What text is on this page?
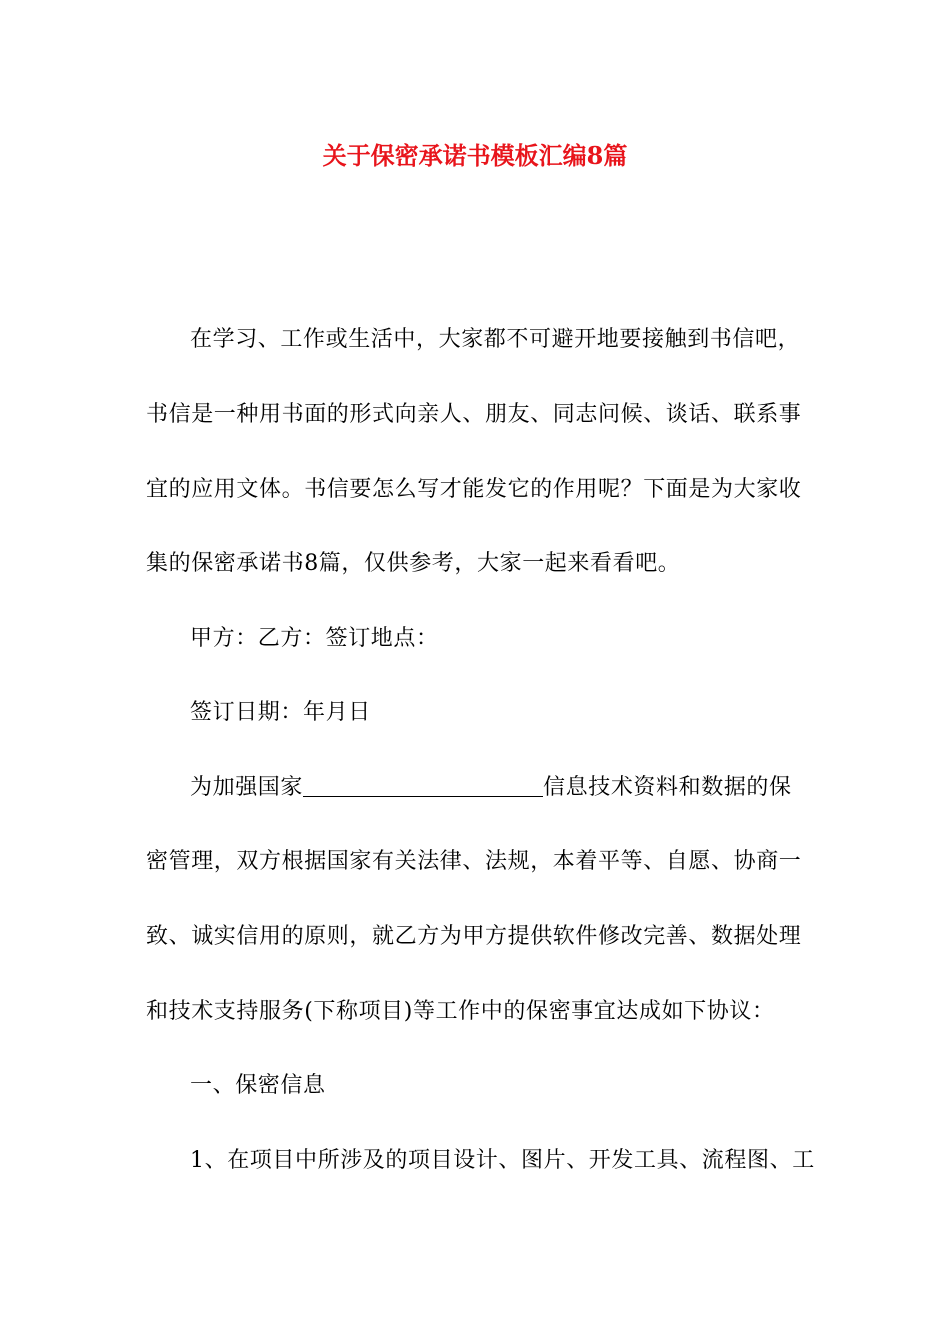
关于保密承诺书模板汇编8篇
在学习、工作或生活中，大家都不可避开地要接触到书信吧，
书信是一种用书面的形式向亲人、朋友、同志问候、谈话、联系事
宜的应用文体。书信要怎么写才能发它的作用呢？下面是为大家收
集的保密承诺书8篇，仅供参考，大家一起来看看吧。
甲方：乙方：签订地点：
签订日期：年月日
为加强国家	信息技术资料和数据的保
密管理，双方根据国家有关法律、法规，本着平等、自愿、协商一
致、诚实信用的原则，就乙方为甲方提供软件修改完善、数据处理
和技术支持服务(下称项目)等工作中的保密事宜达成如下协议：
一、保密信息
1、在项目中所涉及的项目设计、图片、开发工具、流程图、工
